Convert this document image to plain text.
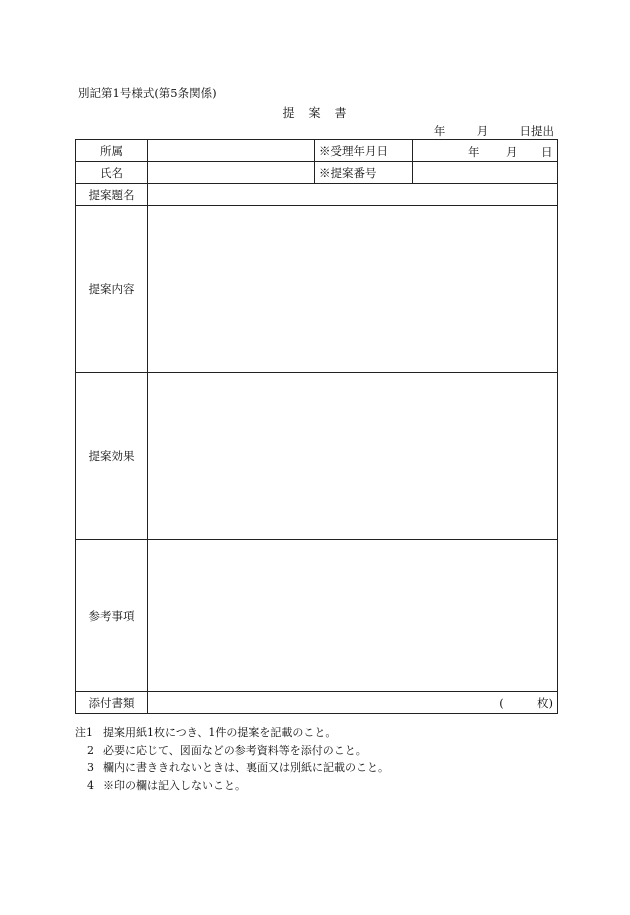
別記第1号様式(第5条関係)
提　案　書
年	月	日提出
所属		※受理年月日	年 月 日

氏名		※提案番号	
提案題名			
提案内容			
提案効果			
参考事項			
添付書類	( 枚)		
注1 提案用紙1枚につき、1件の提案を記載のこと。
2 必要に応じて、図面などの参考資料等を添付のこと。
3 欄内に書ききれないときは、裏面又は別紙に記載のこと。
4 ※印の欄は記入しないこと。
